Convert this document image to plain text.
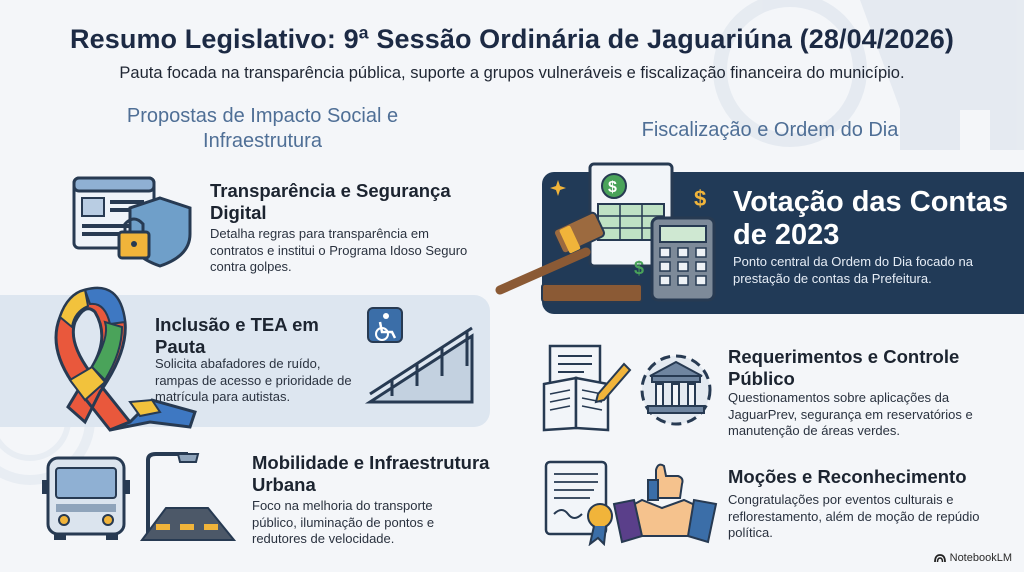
Resumo Legislativo: 9ª Sessão Ordinária de Jaguariúna (28/04/2026)
Pauta focada na transparência pública, suporte a grupos vulneráveis e fiscalização financeira do município.
Propostas de Impacto Social e Infraestrutura	Fiscalização e Ordem do Dia
Transparência e Segurança Digital
Detalha regras para transparência em contratos e institui o Programa Idoso Seguro contra golpes.
Inclusão e TEA em Pauta
Solicita abafadores de ruído, rampas de acesso e prioridade de matrícula para autistas.
Mobilidade e Infraestrutura Urbana
Foco na melhoria do transporte público, iluminação de pontos e redutores de velocidade.
$	$
$
Votação das Contas de 2023
Ponto central da Ordem do Dia focado na prestação de contas da Prefeitura.
Requerimentos e Controle Público
Questionamentos sobre aplicações da JaguarPrev, segurança em reservatórios e manutenção de áreas verdes.
Moções e Reconhecimento
Congratulações por eventos culturais e reflorestamento, além de moção de repúdio política.
NotebookLM
